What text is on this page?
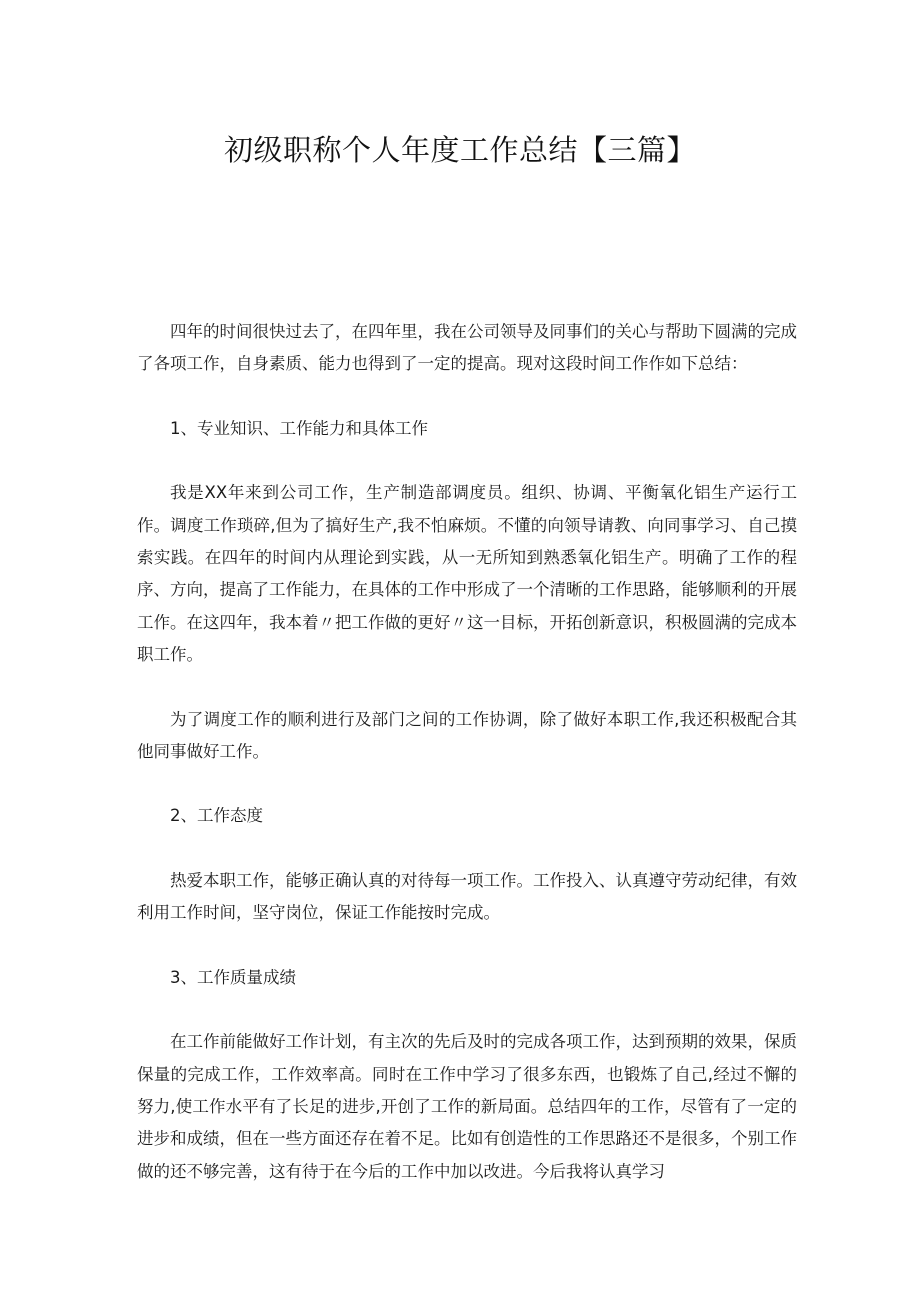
初级职称个人年度工作总结【三篇】

四年的时间很快过去了，在四年里，我在公司领导及同事们的关心与帮助下圆满的完成了各项工作，自身素质、能力也得到了一定的提高。现对这段时间工作作如下总结：

1、专业知识、工作能力和具体工作

我是XX年来到公司工作，生产制造部调度员。组织、协调、平衡氧化铝生产运行工作。调度工作琐碎,但为了搞好生产,我不怕麻烦。不懂的向领导请教、向同事学习、自己摸索实践。在四年的时间内从理论到实践，从一无所知到熟悉氧化铝生产。明确了工作的程序、方向，提高了工作能力，在具体的工作中形成了一个清晰的工作思路，能够顺利的开展工作。在这四年，我本着〃把工作做的更好〃这一目标，开拓创新意识，积极圆满的完成本职工作。

为了调度工作的顺利进行及部门之间的工作协调，除了做好本职工作,我还积极配合其他同事做好工作。

2、工作态度

热爱本职工作，能够正确认真的对待每一项工作。工作投入、认真遵守劳动纪律，有效利用工作时间，坚守岗位，保证工作能按时完成。

3、工作质量成绩

在工作前能做好工作计划，有主次的先后及时的完成各项工作，达到预期的效果，保质保量的完成工作，工作效率高。同时在工作中学习了很多东西，也锻炼了自己,经过不懈的努力,使工作水平有了长足的进步,开创了工作的新局面。总结四年的工作，尽管有了一定的进步和成绩，但在一些方面还存在着不足。比如有创造性的工作思路还不是很多，个别工作做的还不够完善，这有待于在今后的工作中加以改进。今后我将认真学习
